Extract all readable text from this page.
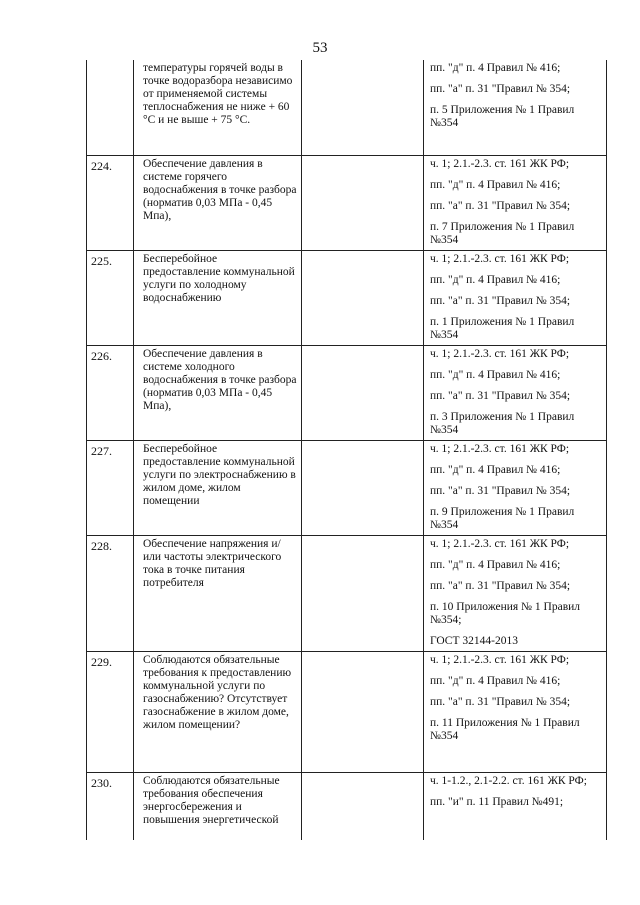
53
температуры горячей воды в точке водоразбора независимо от применяемой системы теплоснабжения не ниже + 60 °С и не выше + 75 °С.
пп. "д" п. 4 Правил № 416;
пп. "а" п. 31 "Правил № 354;
п. 5 Приложения № 1 Правил №354
224.	Обеспечение давления в системе горячего водоснабжения в точке разбора (норматив 0,03 МПа - 0,45 Мпа),
ч. 1; 2.1.-2.3. ст. 161 ЖК РФ;
пп. "д" п. 4 Правил № 416;
пп. "а" п. 31 "Правил № 354;
п. 7 Приложения № 1 Правил №354
225.	Бесперебойное предоставление коммунальной услуги по холодному водоснабжению
ч. 1; 2.1.-2.3. ст. 161 ЖК РФ;
пп. "д" п. 4 Правил № 416;
пп. "а" п. 31 "Правил № 354;
п. 1 Приложения № 1 Правил №354
226.	Обеспечение давления в системе холодного водоснабжения в точке разбора (норматив 0,03 МПа - 0,45 Мпа),
ч. 1; 2.1.-2.3. ст. 161 ЖК РФ;
пп. "д" п. 4 Правил № 416;
пп. "а" п. 31 "Правил № 354;
п. 3 Приложения № 1 Правил №354
227.	Бесперебойное предоставление коммунальной услуги по электроснабжению в жилом доме, жилом помещении
ч. 1; 2.1.-2.3. ст. 161 ЖК РФ;
пп. "д" п. 4 Правил № 416;
пп. "а" п. 31 "Правил № 354;
п. 9 Приложения № 1 Правил №354
228.	Обеспечение напряжения и/или частоты электрического тока в точке питания потребителя
ч. 1; 2.1.-2.3. ст. 161 ЖК РФ;
пп. "д" п. 4 Правил № 416;
пп. "а" п. 31 "Правил № 354;
п. 10 Приложения № 1 Правил №354;
ГОСТ 32144-2013
229.	Соблюдаются обязательные требования к предоставлению коммунальной услуги по газоснабжению? Отсутствует газоснабжение в жилом доме, жилом помещении?
ч. 1; 2.1.-2.3. ст. 161 ЖК РФ;
пп. "д" п. 4 Правил № 416;
пп. "а" п. 31 "Правил № 354;
п. 11 Приложения № 1 Правил №354
230.	Соблюдаются обязательные требования обеспечения энергосбережения и повышения энергетической
ч. 1-1.2., 2.1-2.2. ст. 161 ЖК РФ;
пп. "и" п. 11 Правил №491;
